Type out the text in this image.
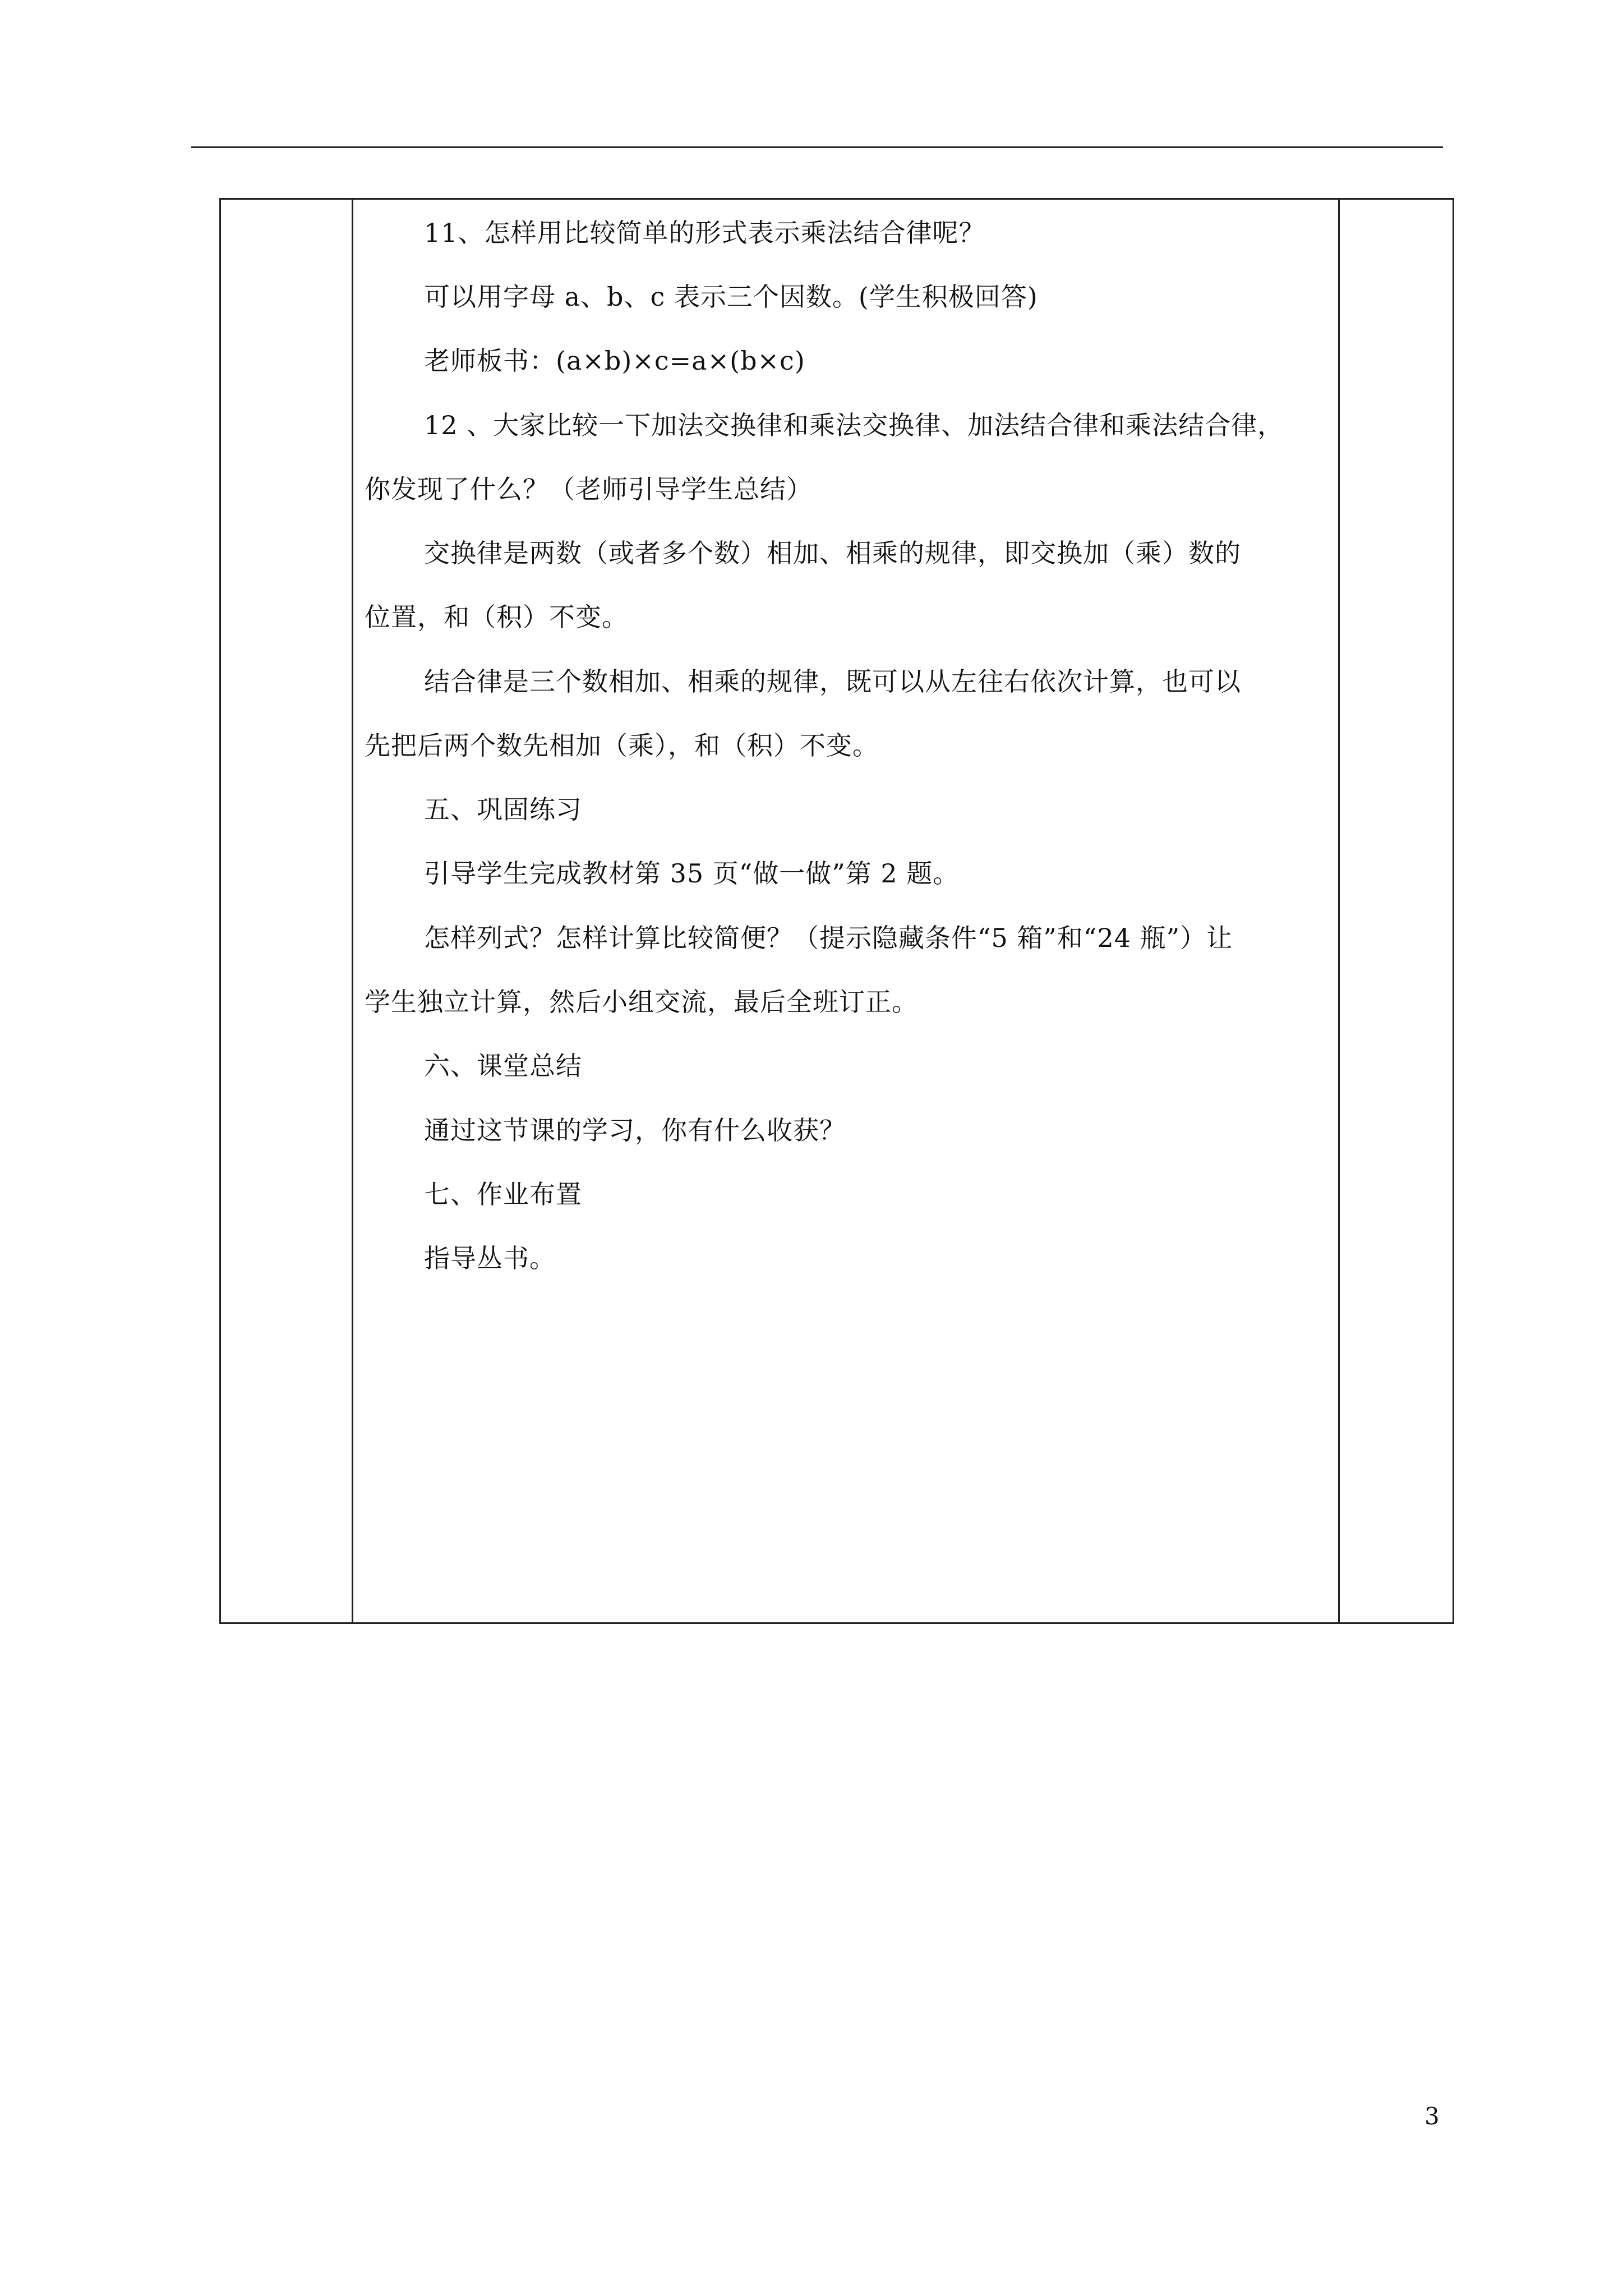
11、怎样用比较简单的形式表示乘法结合律呢？
可以用字母 a、b、c 表示三个因数。(学生积极回答)
老师板书：(a×b)×c=a×(b×c)
12 、大家比较一下加法交换律和乘法交换律、加法结合律和乘法结合律，
你发现了什么？（老师引导学生总结）
交换律是两数（或者多个数）相加、相乘的规律，即交换加（乘）数的
位置，和（积）不变。
结合律是三个数相加、相乘的规律，既可以从左往右依次计算，也可以
先把后两个数先相加（乘），和（积）不变。
五、巩固练习
引导学生完成教材第 35 页“做一做”第 2 题。
怎样列式？怎样计算比较简便？（提示隐藏条件“5 箱”和“24 瓶”）让
学生独立计算，然后小组交流，最后全班订正。
六、课堂总结
通过这节课的学习，你有什么收获？
七、作业布置
指导丛书。
3
